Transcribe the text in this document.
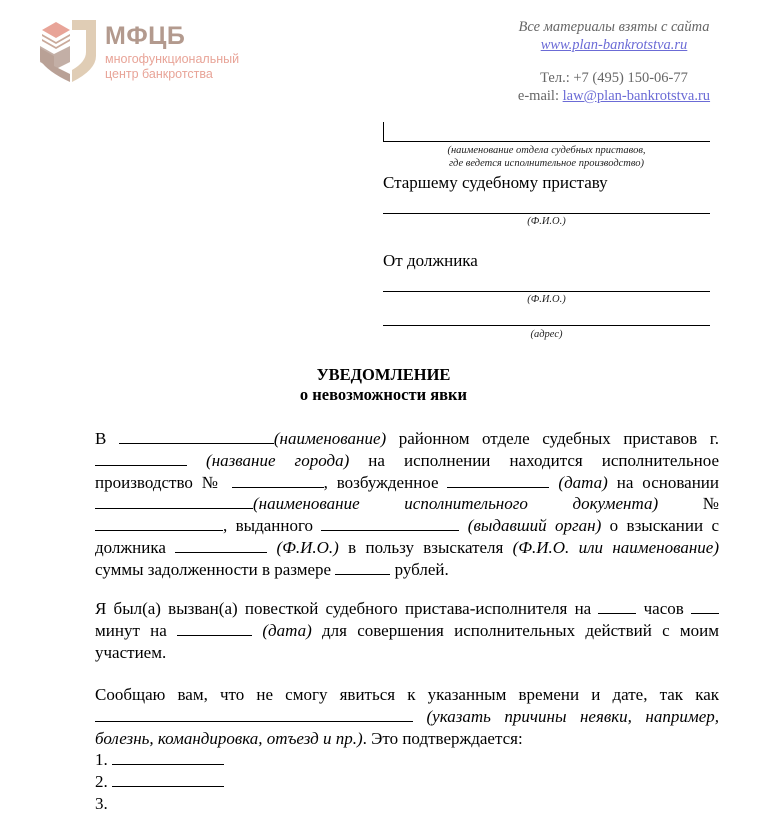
МФЦБ
многофункциональный
центр банкротства
Все материалы взяты с сайта
www.plan-bankrotstva.ru
Тел.: +7 (495) 150-06-77
e-mail: law@plan-bankrotstva.ru
(наименование отдела судебных приставов,
где ведется исполнительное производство)
Старшему судебному приставу
(Ф.И.О.)
От должника
(Ф.И.О.)
(адрес)
УВЕДОМЛЕНИЕ
о невозможности явки
В	(наименование) районном отделе судебных приставов г. (название города) на исполнении находится исполнительное производство №	, возбужденное	(дата) на основании (наименование исполнительного документа) № , выданного	(выдавший орган) о взыскании с должника	(Ф.И.О.) в пользу взыскателя (Ф.И.О. или наименование) суммы задолженности в размере	рублей.
Я был(а) вызван(а) повесткой судебного пристава-исполнителя на  часов  минут на	(дата) для совершения исполнительных действий с моим участием.
Сообщаю вам, что не смогу явиться к указанным времени и дате, так как  (указать причины неявки, например, болезнь, командировка, отъезд и пр.). Это подтверждается:
1.
2.
3.
